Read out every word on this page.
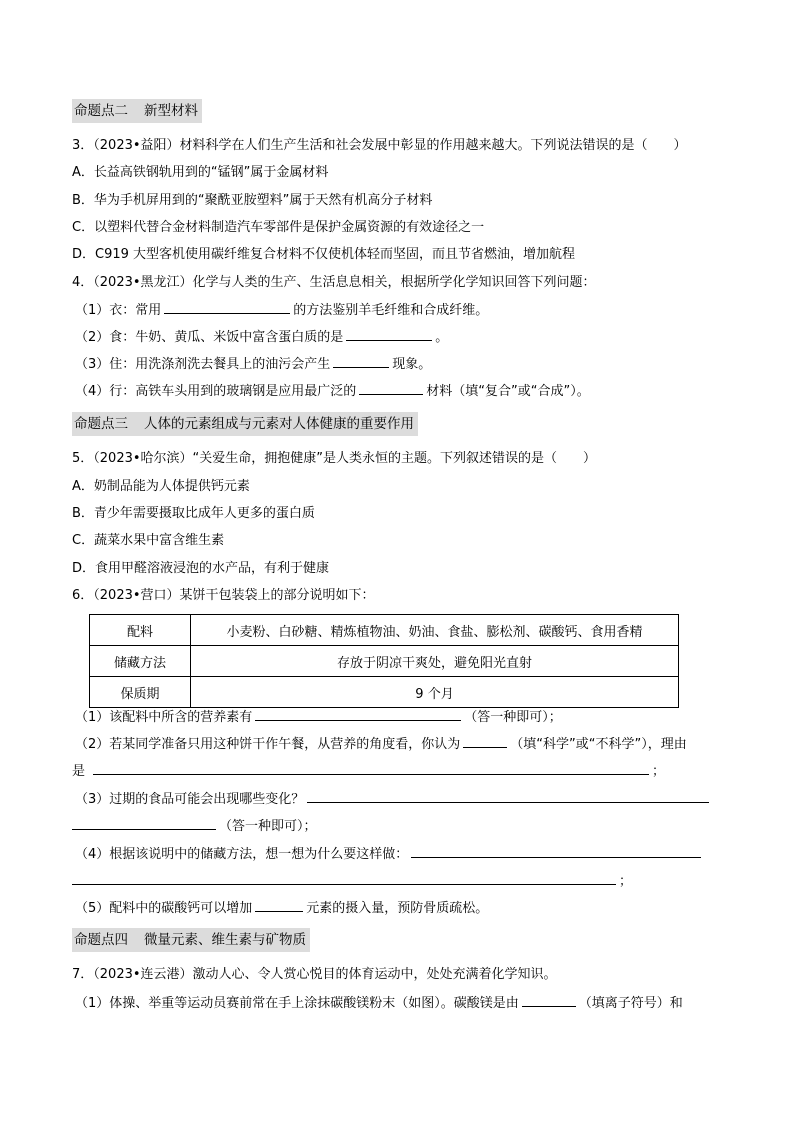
命题点二 新型材料
3．（2023•益阳）材料科学在人们生产生活和社会发展中彰显的作用越来越大。下列说法错误的是（　　）
A．长益高铁钢轨用到的“锰钢”属于金属材料
B．华为手机屏用到的“聚酰亚胺塑料”属于天然有机高分子材料
C．以塑料代替合金材料制造汽车零部件是保护金属资源的有效途径之一
D．C919 大型客机使用碳纤维复合材料不仅使机体轻而坚固，而且节省燃油，增加航程
4．（2023•黑龙江）化学与人类的生产、生活息息相关，根据所学化学知识回答下列问题：
（1）衣：常用	的方法鉴别羊毛纤维和合成纤维。
（2）食：牛奶、黄瓜、米饭中富含蛋白质的是	。
（3）住：用洗涤剂洗去餐具上的油污会产生	现象。
（4）行：高铁车头用到的玻璃钢是应用最广泛的	材料（填“复合”或“合成”）。
命题点三 人体的元素组成与元素对人体健康的重要作用
5．（2023•哈尔滨）“关爱生命，拥抱健康”是人类永恒的主题。下列叙述错误的是（　　）
A．奶制品能为人体提供钙元素
B．青少年需要摄取比成年人更多的蛋白质
C．蔬菜水果中富含维生素
D．食用甲醛溶液浸泡的水产品，有利于健康
6．（2023•营口）某饼干包装袋上的部分说明如下：
配料	小麦粉、白砂糖、精炼植物油、奶油、食盐、膨松剂、碳酸钙、食用香精
储藏方法	存放于阴凉干爽处，避免阳光直射
保质期	9 个月
（1）该配料中所含的营养素有	（答一种即可）；
（2）若某同学准备只用这种饼干作午餐，从营养的角度看，你认为	（填“科学”或“不科学”），理由
是	；
（3）过期的食品可能会出现哪些变化？
（答一种即可）；
（4）根据该说明中的储藏方法，想一想为什么要这样做：
；
（5）配料中的碳酸钙可以增加	元素的摄入量，预防骨质疏松。
命题点四 微量元素、维生素与矿物质
7．（2023•连云港）激动人心、令人赏心悦目的体育运动中，处处充满着化学知识。
（1）体操、举重等运动员赛前常在手上涂抹碳酸镁粉末（如图）。碳酸镁是由	（填离子符号）和
